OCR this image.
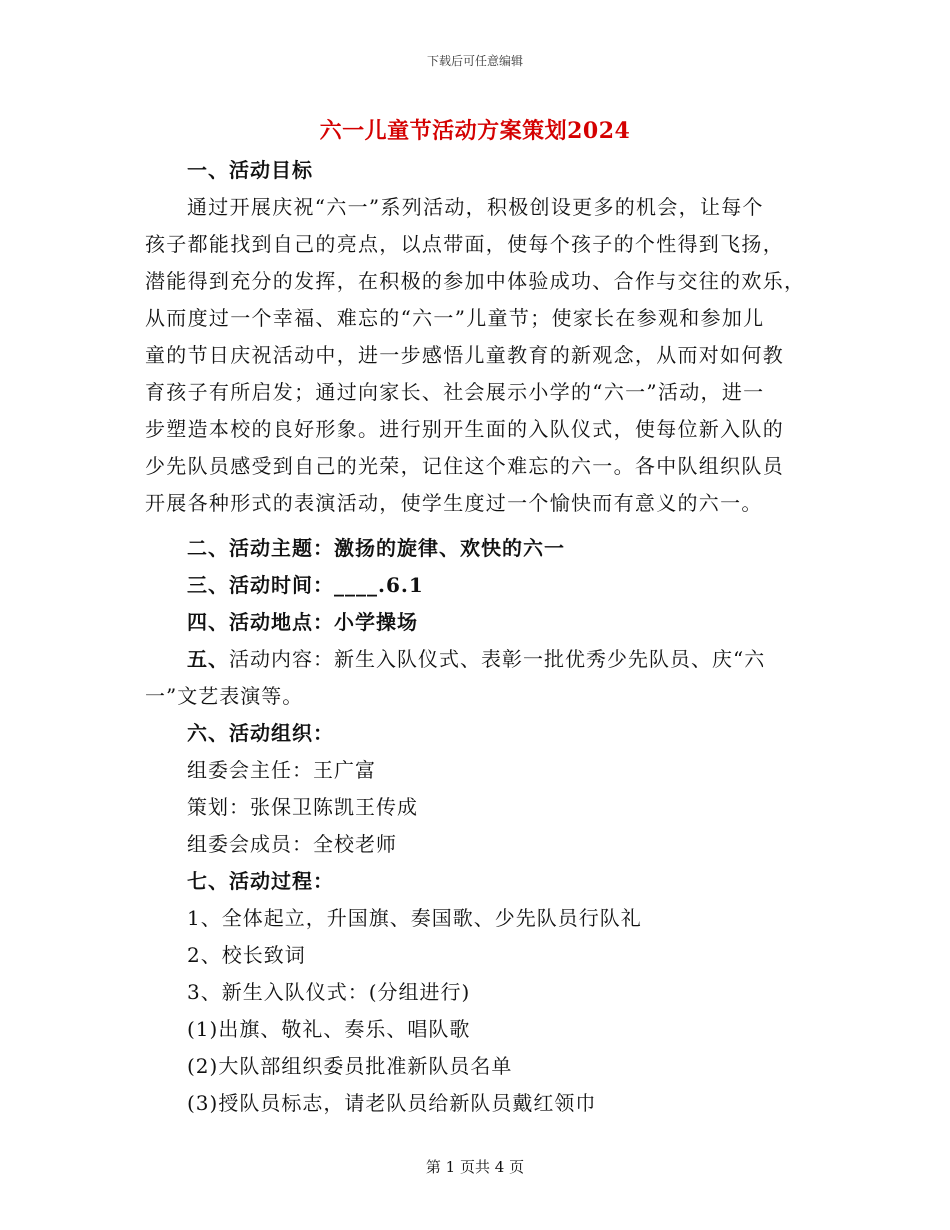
下载后可任意编辑
六一儿童节活动方案策划2024
一、活动目标
通过开展庆祝“六一”系列活动，积极创设更多的机会，让每个
孩子都能找到自己的亮点，以点带面，使每个孩子的个性得到飞扬，
潜能得到充分的发挥，在积极的参加中体验成功、合作与交往的欢乐，
从而度过一个幸福、难忘的“六一”儿童节；使家长在参观和参加儿
童的节日庆祝活动中，进一步感悟儿童教育的新观念，从而对如何教
育孩子有所启发；通过向家长、社会展示小学的“六一”活动，进一
步塑造本校的良好形象。进行别开生面的入队仪式，使每位新入队的
少先队员感受到自己的光荣，记住这个难忘的六一。各中队组织队员
开展各种形式的表演活动，使学生度过一个愉快而有意义的六一。
二、活动主题：激扬的旋律、欢快的六一
三、活动时间：____.6.1
四、活动地点：小学操场
五、活动内容：新生入队仪式、表彰一批优秀少先队员、庆“六
一”文艺表演等。
六、活动组织：
组委会主任：王广富
策划：张保卫陈凯王传成
组委会成员：全校老师
七、活动过程：
1、全体起立，升国旗、奏国歌、少先队员行队礼
2、校长致词
3、新生入队仪式：(分组进行)
(1)出旗、敬礼、奏乐、唱队歌
(2)大队部组织委员批准新队员名单
(3)授队员标志，请老队员给新队员戴红领巾
第 1 页共 4 页
